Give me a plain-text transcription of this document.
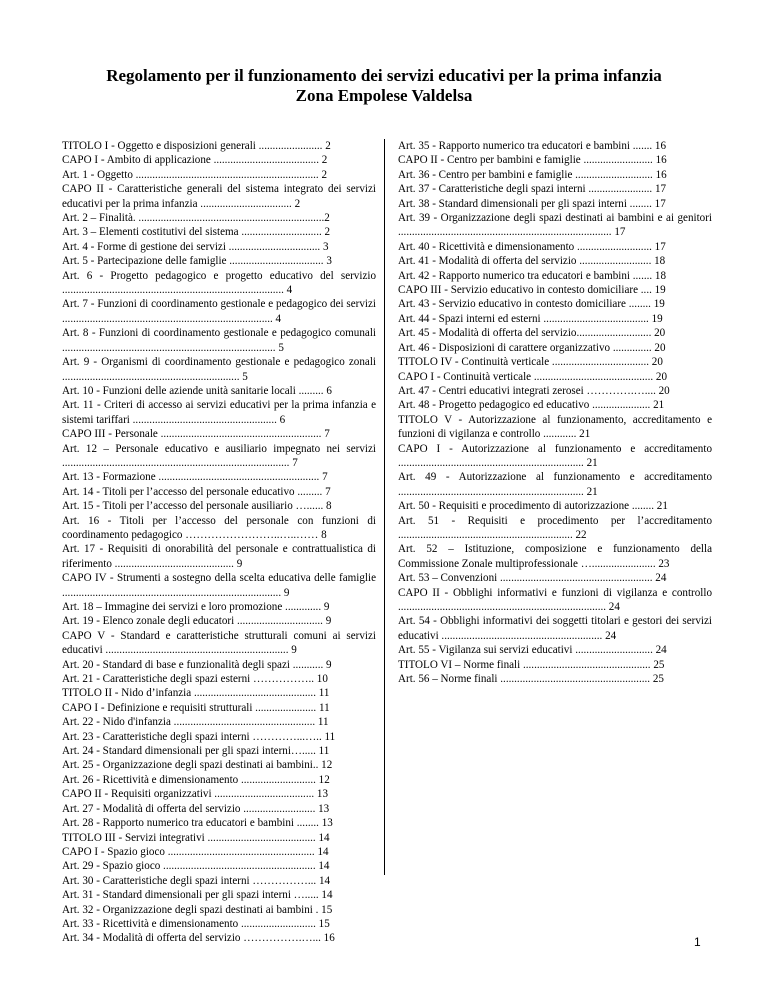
Regolamento per il funzionamento dei servizi educativi per la prima infanzia
Zona Empolese Valdelsa
TITOLO I - Oggetto e disposizioni generali ....................... 2
CAPO I - Ambito di applicazione ...................................... 2
Art. 1 - Oggetto .................................................................. 2
CAPO II - Caratteristiche generali del sistema integrato dei servizi educativi per la prima infanzia ................................. 2
Art. 2 – Finalità. ...................................................................2
Art. 3 – Elementi costitutivi del sistema ............................. 2
Art. 4 - Forme di gestione dei servizi ................................. 3
Art. 5 - Partecipazione delle famiglie .................................. 3
Art. 6 - Progetto pedagogico e progetto educativo del servizio ................................................................................ 4
Art. 7 - Funzioni di coordinamento gestionale e pedagogico dei servizi ............................................................................ 4
Art. 8 - Funzioni di coordinamento gestionale e pedagogico comunali ............................................................................. 5
Art. 9 - Organismi di coordinamento gestionale e pedagogico zonali ................................................................ 5
Art. 10 - Funzioni delle aziende unità sanitarie locali ......... 6
Art. 11 - Criteri di accesso ai servizi educativi per la prima infanzia e sistemi tariffari .................................................... 6
CAPO III - Personale .......................................................... 7
Art. 12 – Personale educativo e ausiliario impegnato nei servizi .................................................................................. 7
Art. 13 - Formazione .......................................................... 7
Art. 14 - Titoli per l’accesso del personale educativo ......... 7
Art. 15 - Titoli per l’accesso del personale ausiliario …...... 8
Art. 16 - Titoli per l’accesso del personale con funzioni di coordinamento pedagogico ……………………..…..…… 8
Art. 17 - Requisiti di onorabilità del personale e contrattualistica di riferimento ........................................... 9
CAPO IV - Strumenti a sostegno della scelta educativa delle famiglie ............................................................................... 9
Art. 18 – Immagine dei servizi e loro promozione ............. 9
Art. 19 - Elenco zonale degli educatori ............................... 9
CAPO V - Standard e caratteristiche strutturali comuni ai servizi educativi .................................................................. 9
Art. 20 - Standard di base e funzionalità degli spazi ........... 9
Art. 21 - Caratteristiche degli spazi esterni …………….. 10
TITOLO II - Nido d’infanzia ............................................ 11
CAPO I - Definizione e requisiti strutturali ...................... 11
Art. 22 - Nido d'infanzia ................................................... 11
Art. 23 - Caratteristiche degli spazi interni …………...….. 11
Art. 24 - Standard dimensionali per gli spazi interni…..... 11
Art. 25 - Organizzazione degli spazi destinati ai bambini.. 12
Art. 26 - Ricettività e dimensionamento ........................... 12
CAPO II - Requisiti organizzativi .................................... 13
Art. 27 - Modalità di offerta del servizio .......................... 13
Art. 28 - Rapporto numerico tra educatori e bambini ........ 13
TITOLO III - Servizi integrativi ....................................... 14
CAPO I - Spazio gioco ..................................................... 14
Art. 29 - Spazio gioco ....................................................... 14
Art. 30 - Caratteristiche degli spazi interni ……………... 14
Art. 31 - Standard dimensionali per gli spazi interni …..... 14
Art. 32 - Organizzazione degli spazi destinati ai bambini . 15
Art. 33 - Ricettività e dimensionamento ........................... 15
Art. 34 - Modalità di offerta del servizio …………….…... 16
Art. 35 - Rapporto numerico tra educatori e bambini ....... 16
CAPO II - Centro per bambini e famiglie ......................... 16
Art. 36 - Centro per bambini e famiglie ............................ 16
Art. 37 - Caratteristiche degli spazi interni ....................... 17
Art. 38 - Standard dimensionali per gli spazi interni ........ 17
Art. 39 - Organizzazione degli spazi destinati ai bambini e ai genitori ............................................................................. 17
Art. 40 - Ricettività e dimensionamento ........................... 17
Art. 41 - Modalità di offerta del servizio .......................... 18
Art. 42 - Rapporto numerico tra educatori e bambini ....... 18
CAPO III - Servizio educativo in contesto domiciliare .... 19
Art. 43 - Servizio educativo in contesto domiciliare ........ 19
Art. 44 - Spazi interni ed esterni ...................................... 19
Art. 45 - Modalità di offerta del servizio........................... 20
Art. 46 - Disposizioni di carattere organizzativo .............. 20
TITOLO IV - Continuità verticale ................................... 20
CAPO I - Continuità verticale ........................................... 20
Art. 47 - Centri educativi integrati zerosei ………….….... 20
Art. 48 - Progetto pedagogico ed educativo ..................... 21
TITOLO V - Autorizzazione al funzionamento, accreditamento e funzioni di vigilanza e controllo ............ 21
CAPO I - Autorizzazione al funzionamento e accreditamento ................................................................... 21
Art. 49 - Autorizzazione al funzionamento e accreditamento ................................................................... 21
Art. 50 - Requisiti e procedimento di autorizzazione ........ 21
Art. 51 - Requisiti e procedimento per l’accreditamento ............................................................... 22
Art. 52 – Istituzione, composizione e funzionamento della Commissione Zonale multiprofessionale …....................... 23
Art. 53 – Convenzioni ....................................................... 24
CAPO II - Obblighi informativi e funzioni di vigilanza e controllo ........................................................................... 24
Art. 54 - Obblighi informativi dei soggetti titolari e gestori dei servizi educativi .......................................................... 24
Art. 55 - Vigilanza sui servizi educativi ............................ 24
TITOLO VI – Norme finali .............................................. 25
Art. 56 – Norme finali ...................................................... 25
1
